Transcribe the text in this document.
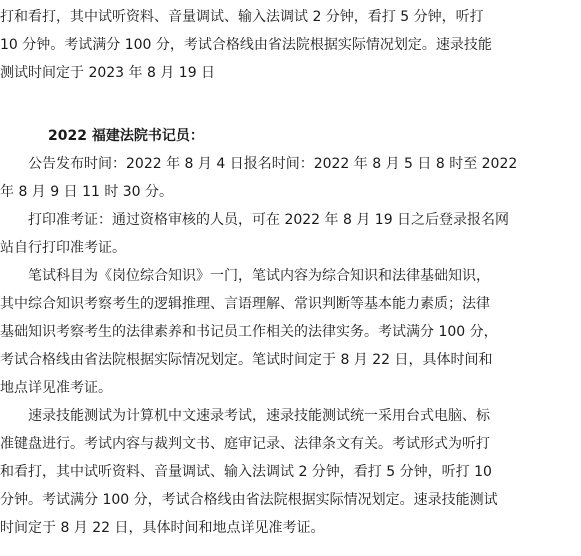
打和看打，其中试听资料、音量调试、输入法调试 2 分钟，看打 5 分钟，听打
10 分钟。考试满分 100 分，考试合格线由省法院根据实际情况划定。速录技能
测试时间定于 2023 年 8 月 19 日
2022 福建法院书记员：
公告发布时间：2022 年 8 月 4 日报名时间：2022 年 8 月 5 日 8 时至 2022
年 8 月 9 日 11 时 30 分。
打印准考证：通过资格审核的人员，可在 2022 年 8 月 19 日之后登录报名网
站自行打印准考证。
笔试科目为《岗位综合知识》一门，笔试内容为综合知识和法律基础知识，
其中综合知识考察考生的逻辑推理、言语理解、常识判断等基本能力素质；法律
基础知识考察考生的法律素养和书记员工作相关的法律实务。考试满分 100 分，
考试合格线由省法院根据实际情况划定。笔试时间定于 8 月 22 日，具体时间和
地点详见准考证。
速录技能测试为计算机中文速录考试，速录技能测试统一采用台式电脑、标
准键盘进行。考试内容与裁判文书、庭审记录、法律条文有关。考试形式为听打
和看打，其中试听资料、音量调试、输入法调试 2 分钟，看打 5 分钟，听打 10
分钟。考试满分 100 分，考试合格线由省法院根据实际情况划定。速录技能测试
时间定于 8 月 22 日，具体时间和地点详见准考证。
